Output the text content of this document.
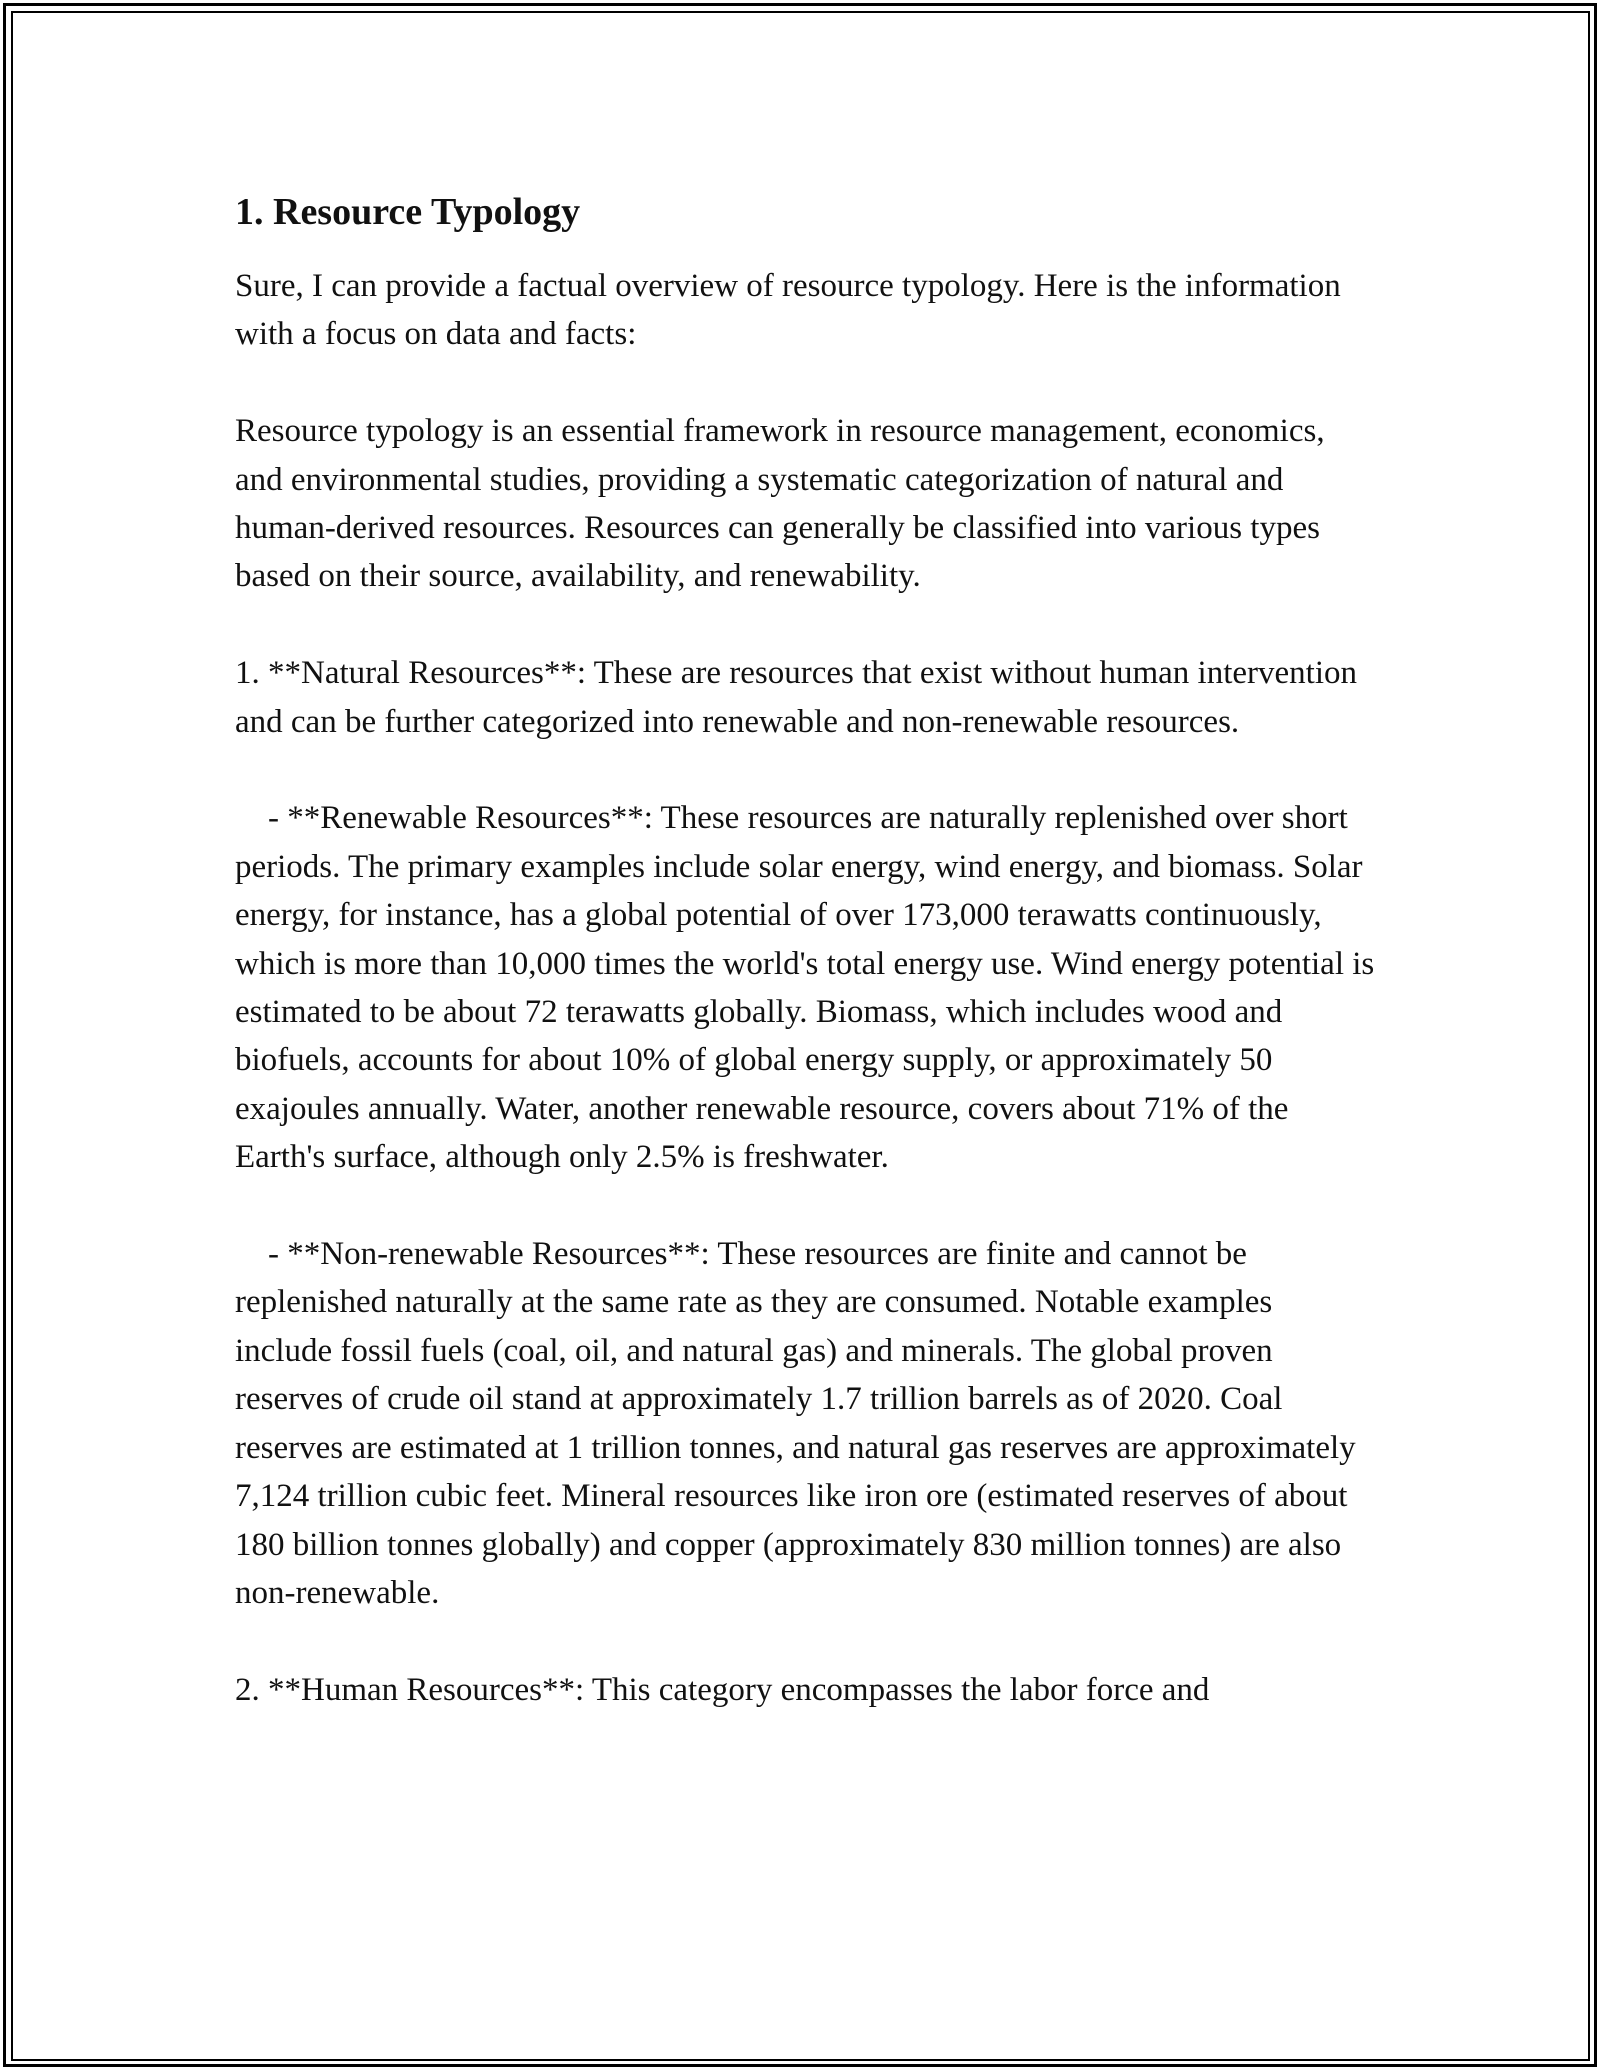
1. Resource Typology

Sure, I can provide a factual overview of resource typology. Here is the information with a focus on data and facts:

Resource typology is an essential framework in resource management, economics, and environmental studies, providing a systematic categorization of natural and human-derived resources. Resources can generally be classified into various types based on their source, availability, and renewability.

1. **Natural Resources**: These are resources that exist without human intervention and can be further categorized into renewable and non-renewable resources.

- **Renewable Resources**: These resources are naturally replenished over short periods. The primary examples include solar energy, wind energy, and biomass. Solar energy, for instance, has a global potential of over 173,000 terawatts continuously, which is more than 10,000 times the world's total energy use. Wind energy potential is estimated to be about 72 terawatts globally. Biomass, which includes wood and biofuels, accounts for about 10% of global energy supply, or approximately 50 exajoules annually. Water, another renewable resource, covers about 71% of the Earth's surface, although only 2.5% is freshwater.

- **Non-renewable Resources**: These resources are finite and cannot be replenished naturally at the same rate as they are consumed. Notable examples include fossil fuels (coal, oil, and natural gas) and minerals. The global proven reserves of crude oil stand at approximately 1.7 trillion barrels as of 2020. Coal reserves are estimated at 1 trillion tonnes, and natural gas reserves are approximately 7,124 trillion cubic feet. Mineral resources like iron ore (estimated reserves of about 180 billion tonnes globally) and copper (approximately 830 million tonnes) are also non-renewable.

2. **Human Resources**: This category encompasses the labor force and
